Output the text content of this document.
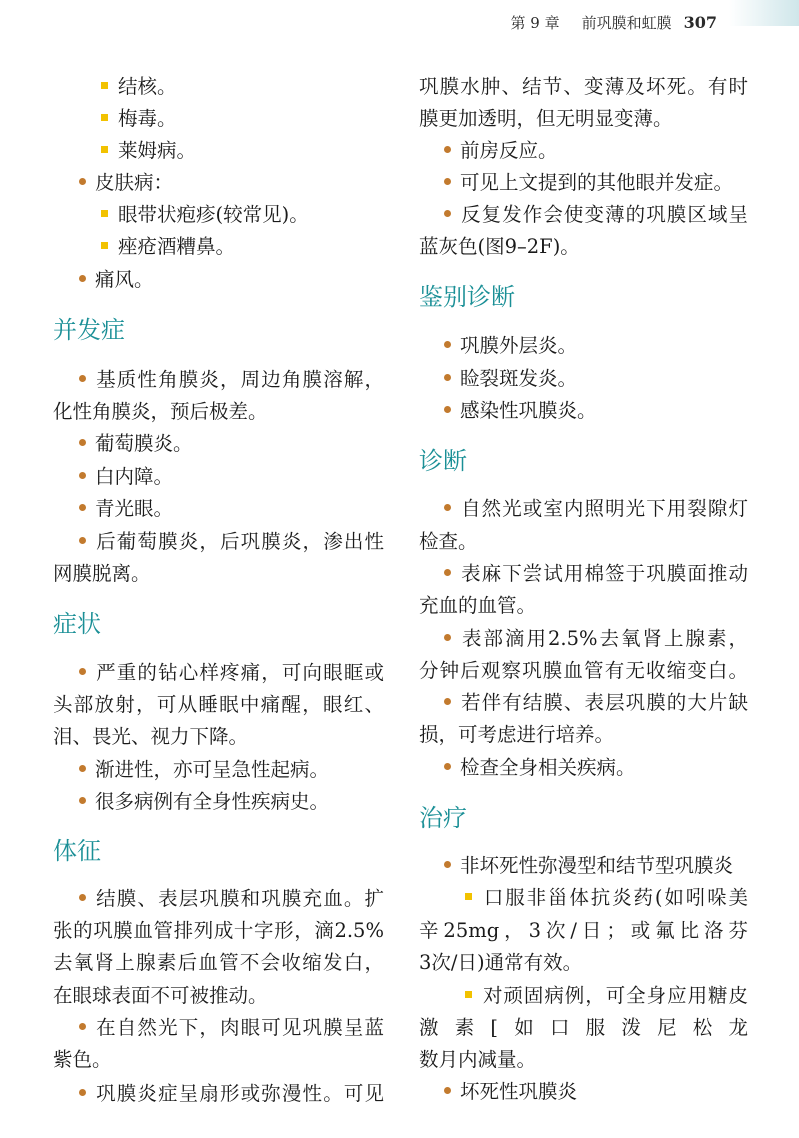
第 9 章 前巩膜和虹膜 307
结核。
梅毒。
莱姆病。
皮肤病：
眼带状疱疹(较常见)。
痤疮酒糟鼻。
痛风。
并发症
基质性角膜炎，周边角膜溶解，
化性角膜炎，预后极差。
葡萄膜炎。
白内障。
青光眼。
后葡萄膜炎，后巩膜炎，渗出性
网膜脱离。
症状
严重的钻心样疼痛，可向眼眶或
头部放射，可从睡眠中痛醒，眼红、
泪、畏光、视力下降。
渐进性，亦可呈急性起病。
很多病例有全身性疾病史。
体征
结膜、表层巩膜和巩膜充血。扩
张的巩膜血管排列成十字形，滴2.5%
去氧肾上腺素后血管不会收缩发白，
在眼球表面不可被推动。
在自然光下，肉眼可见巩膜呈蓝
紫色。
巩膜炎症呈扇形或弥漫性。可见
巩膜水肿、结节、变薄及坏死。有时
膜更加透明，但无明显变薄。
前房反应。
可见上文提到的其他眼并发症。
反复发作会使变薄的巩膜区域呈
蓝灰色(图9–2F)。
鉴别诊断
巩膜外层炎。
睑裂斑发炎。
感染性巩膜炎。
诊断
自然光或室内照明光下用裂隙灯
检查。
表麻下尝试用棉签于巩膜面推动
充血的血管。
表部滴用2.5%去氧肾上腺素，
分钟后观察巩膜血管有无收缩变白。
若伴有结膜、表层巩膜的大片缺
损，可考虑进行培养。
检查全身相关疾病。
治疗
非坏死性弥漫型和结节型巩膜炎
口服非甾体抗炎药(如吲哚美
辛25mg，3次/日；或氟比洛芬
3次/日)通常有效。
对顽固病例，可全身应用糖皮
激素[如口服泼尼松龙
数月内减量。
坏死性巩膜炎
